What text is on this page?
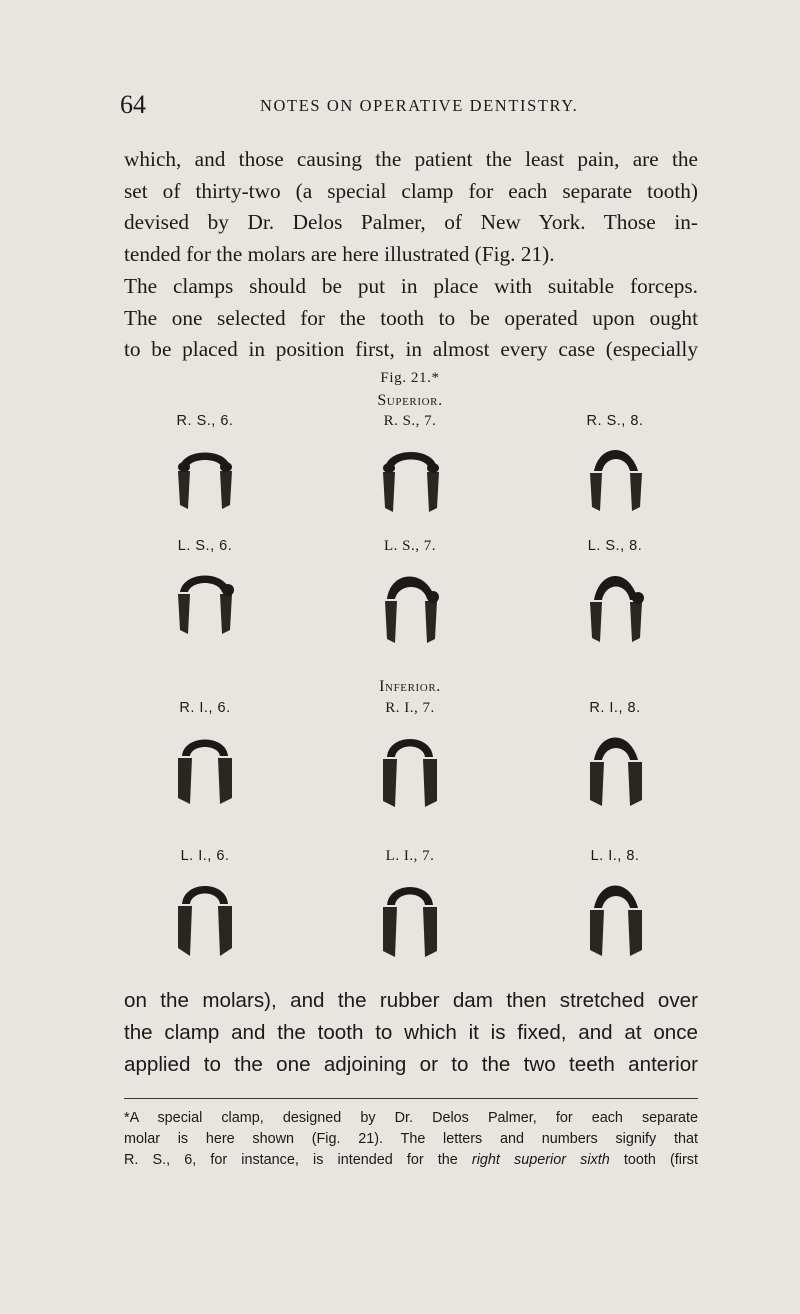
64	NOTES ON OPERATIVE DENTISTRY.
which, and those causing the patient the least pain, are the
set of thirty-two (a special clamp for each separate tooth)
devised by Dr. Delos Palmer, of New York. Those in-
tended for the molars are here illustrated (Fig. 21).
The clamps should be put in place with suitable forceps.
The one selected for the tooth to be operated upon ought
to be placed in position first, in almost every case (especially
Fig. 21.*
Superior.
Inferior.
R. S., 6.	R. S., 7.	R. S., 8.
L. S., 6.	L. S., 7.	L. S., 8.
R. I., 6.	R. I., 7.	R. I., 8.
L. I., 6.	L. I., 7.	L. I., 8.
on the molars), and the rubber dam then stretched over
the clamp and the tooth to which it is fixed, and at once
applied to the one adjoining or to the two teeth anterior
*A special clamp, designed by Dr. Delos Palmer, for each separate
molar is here shown (Fig. 21). The letters and numbers signify that
R. S., 6, for instance, is intended for the right superior sixth tooth (first
